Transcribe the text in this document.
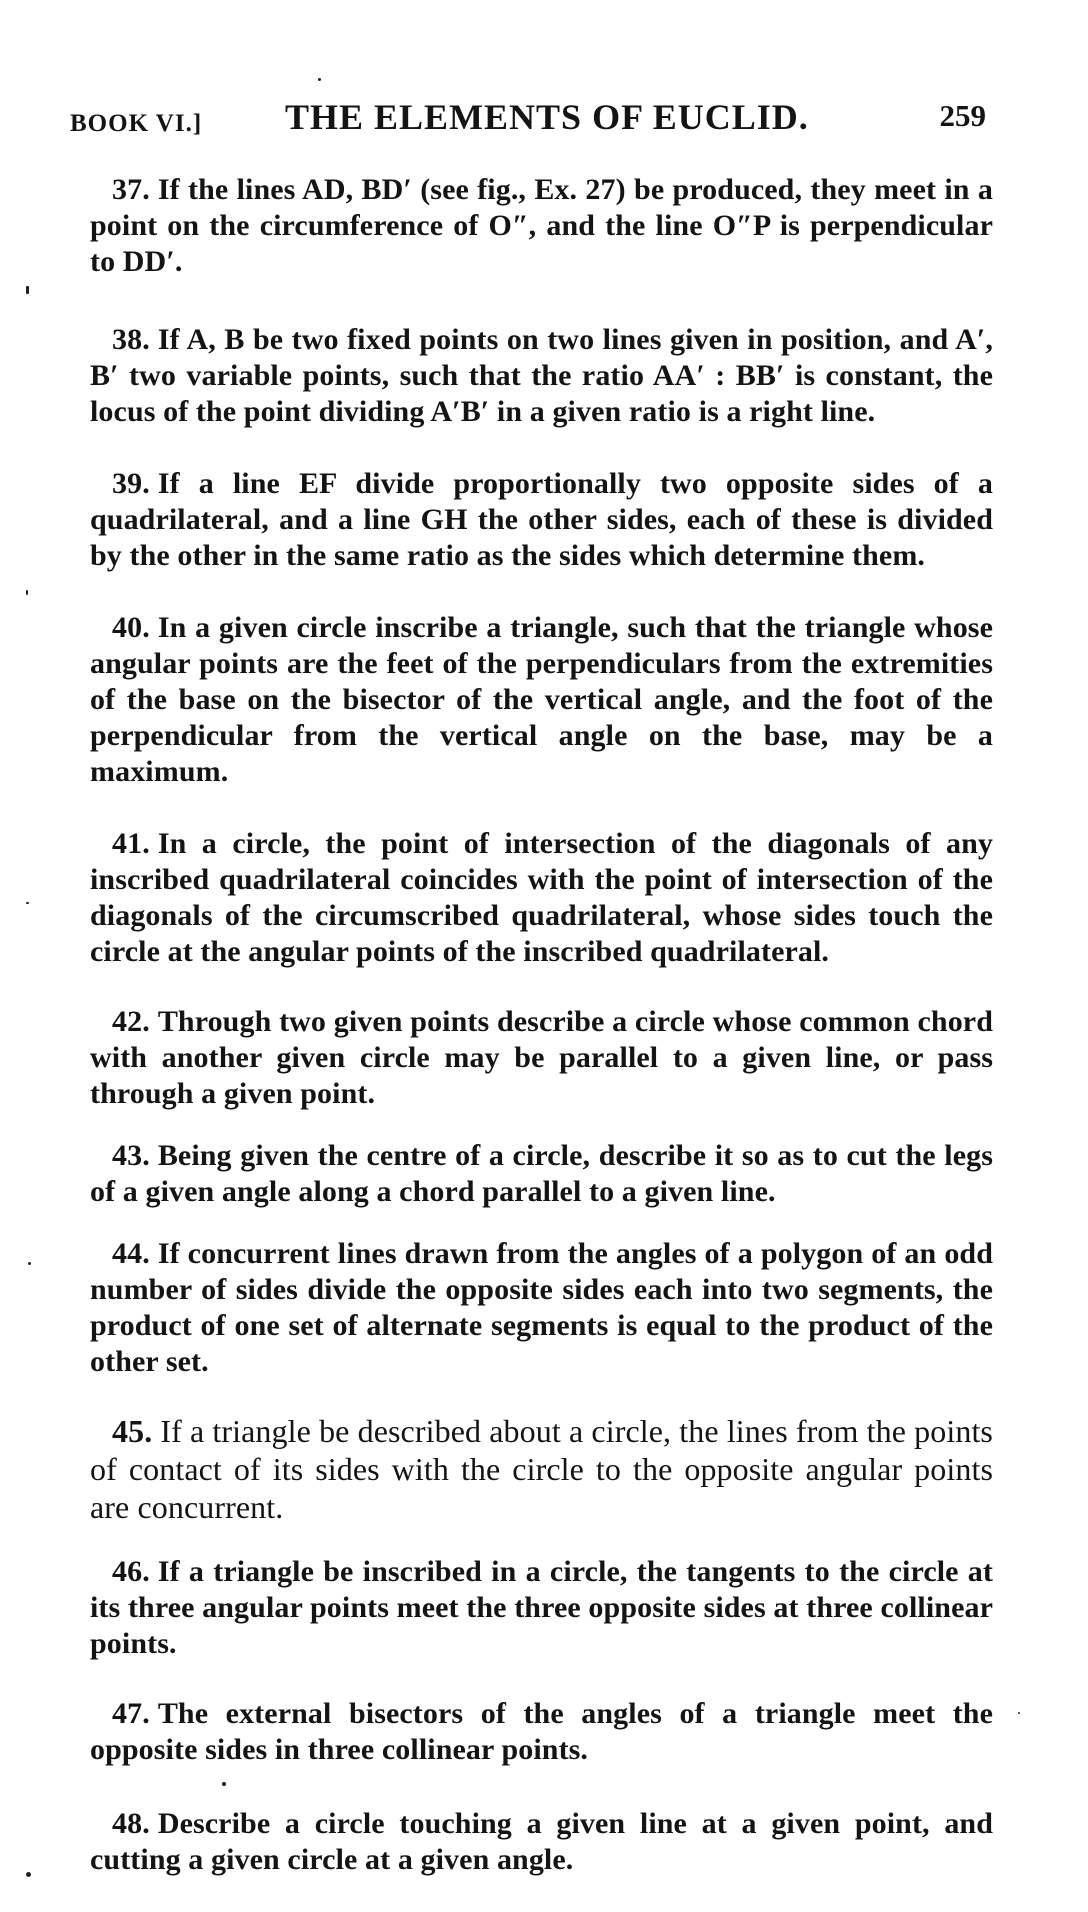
BOOK VI.] THE ELEMENTS OF EUCLID.	259

37. If the lines AD, BD′ (see fig., Ex. 27) be produced, they meet in a point on the circumference of O″, and the line O″P is perpendicular to DD′.

38. If A, B be two fixed points on two lines given in position, and A′, B′ two variable points, such that the ratio AA′ : BB′ is constant, the locus of the point dividing A′B′ in a given ratio is a right line.

39. If a line EF divide proportionally two opposite sides of a quadrilateral, and a line GH the other sides, each of these is divided by the other in the same ratio as the sides which determine them.

40. In a given circle inscribe a triangle, such that the triangle whose angular points are the feet of the perpendiculars from the extremities of the base on the bisector of the vertical angle, and the foot of the perpendicular from the vertical angle on the base, may be a maximum.

41. In a circle, the point of intersection of the diagonals of any inscribed quadrilateral coincides with the point of intersection of the diagonals of the circumscribed quadrilateral, whose sides touch the circle at the angular points of the inscribed quadrilateral.

42. Through two given points describe a circle whose common chord with another given circle may be parallel to a given line, or pass through a given point.

43. Being given the centre of a circle, describe it so as to cut the legs of a given angle along a chord parallel to a given line.

44. If concurrent lines drawn from the angles of a polygon of an odd number of sides divide the opposite sides each into two segments, the product of one set of alternate segments is equal to the product of the other set.

45. If a triangle be described about a circle, the lines from the points of contact of its sides with the circle to the opposite angular points are concurrent.

46. If a triangle be inscribed in a circle, the tangents to the circle at its three angular points meet the three opposite sides at three collinear points.

47. The external bisectors of the angles of a triangle meet the opposite sides in three collinear points.

48. Describe a circle touching a given line at a given point, and cutting a given circle at a given angle.
